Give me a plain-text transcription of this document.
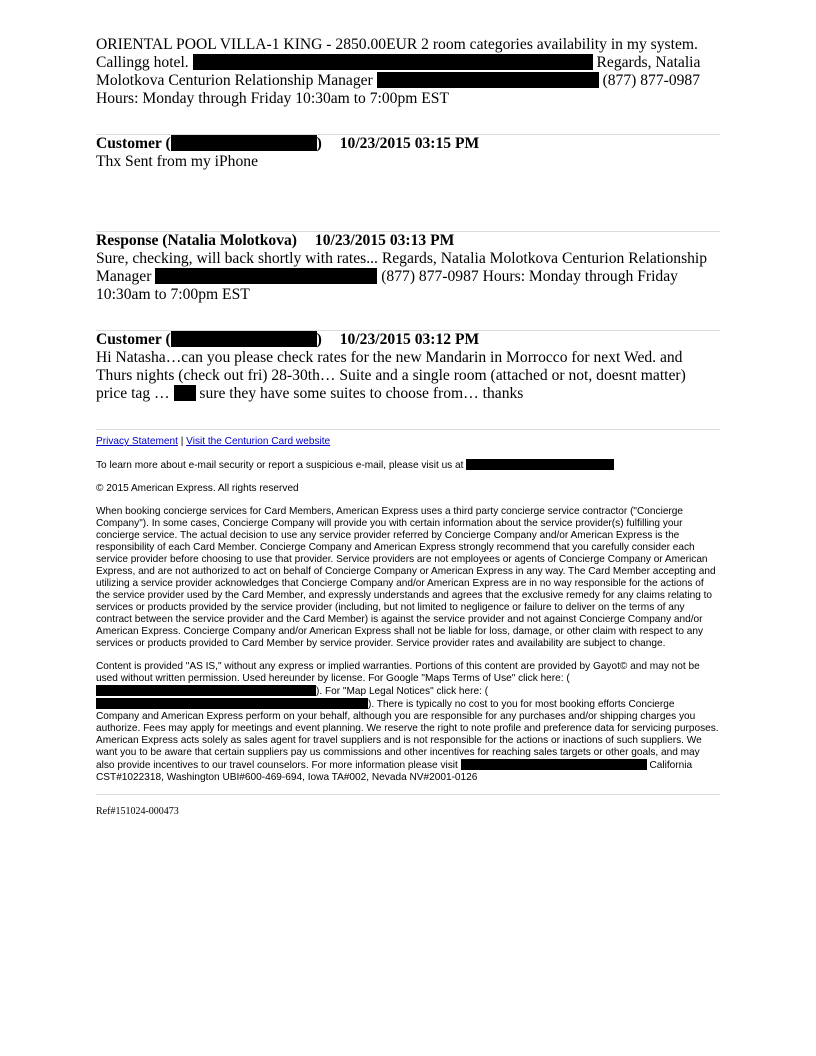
ORIENTAL POOL VILLA-1 KING - 2850.00EUR 2 room categories availability in my system. Callingg hotel.	Regards, Natalia Molotkova Centurion Relationship Manager	(877) 877-0987 Hours: Monday through Friday 10:30am to 7:00pm EST
Customer (	) 10/23/2015 03:15 PM
Thx Sent from my iPhone
Response (Natalia Molotkova) 10/23/2015 03:13 PM
Sure, checking, will back shortly with rates... Regards, Natalia Molotkova Centurion Relationship Manager	(877) 877-0987 Hours: Monday through Friday 10:30am to 7:00pm EST
Customer (	) 10/23/2015 03:12 PM
Hi Natasha…can you please check rates for the new Mandarin in Morrocco for next Wed. and Thurs nights (check out fri) 28-30th… Suite and a single room (attached or not, doesnt matter) price tag … sure they have some suites to choose from… thanks

Privacy Statement | Visit the Centurion Card website

To learn more about e-mail security or report a suspicious e-mail, please visit us at

© 2015 American Express. All rights reserved

When booking concierge services for Card Members, American Express uses a third party concierge service contractor ("Concierge Company"). In some cases, Concierge Company will provide you with certain information about the service provider(s) fulfilling your concierge service. The actual decision to use any service provider referred by Concierge Company and/or American Express is the responsibility of each Card Member. Concierge Company and American Express strongly recommend that you carefully consider each service provider before choosing to use that provider. Service providers are not employees or agents of Concierge Company or American Express, and are not authorized to act on behalf of Concierge Company or American Express in any way. The Card Member accepting and utilizing a service provider acknowledges that Concierge Company and/or American Express are in no way responsible for the actions of the service provider used by the Card Member, and expressly understands and agrees that the exclusive remedy for any claims relating to services or products provided by the service provider (including, but not limited to negligence or failure to deliver on the terms of any contract between the service provider and the Card Member) is against the service provider and not against Concierge Company and/or American Express. Concierge Company and/or American Express shall not be liable for loss, damage, or other claim with respect to any services or products provided to Card Member by service provider. Service provider rates and availability are subject to change.

Content is provided "AS IS," without any express or implied warranties. Portions of this content are provided by Gayot© and may not be used without written permission. Used hereunder by license. For Google "Maps Terms of Use" click here: (). For "Map Legal Notices" click here: (). There is typically no cost to you for most booking efforts Concierge Company and American Express perform on your behalf, although you are responsible for any purchases and/or shipping charges you authorize. Fees may apply for meetings and event planning. We reserve the right to note profile and preference data for servicing purposes. American Express acts solely as sales agent for travel suppliers and is not responsible for the actions or inactions of such suppliers. We want you to be aware that certain suppliers pay us commissions and other incentives for reaching sales targets or other goals, and may also provide incentives to our travel counselors. For more information please visit	California CST#1022318, Washington UBI#600-469-694, Iowa TA#002, Nevada NV#2001-0126

Ref#151024-000473
